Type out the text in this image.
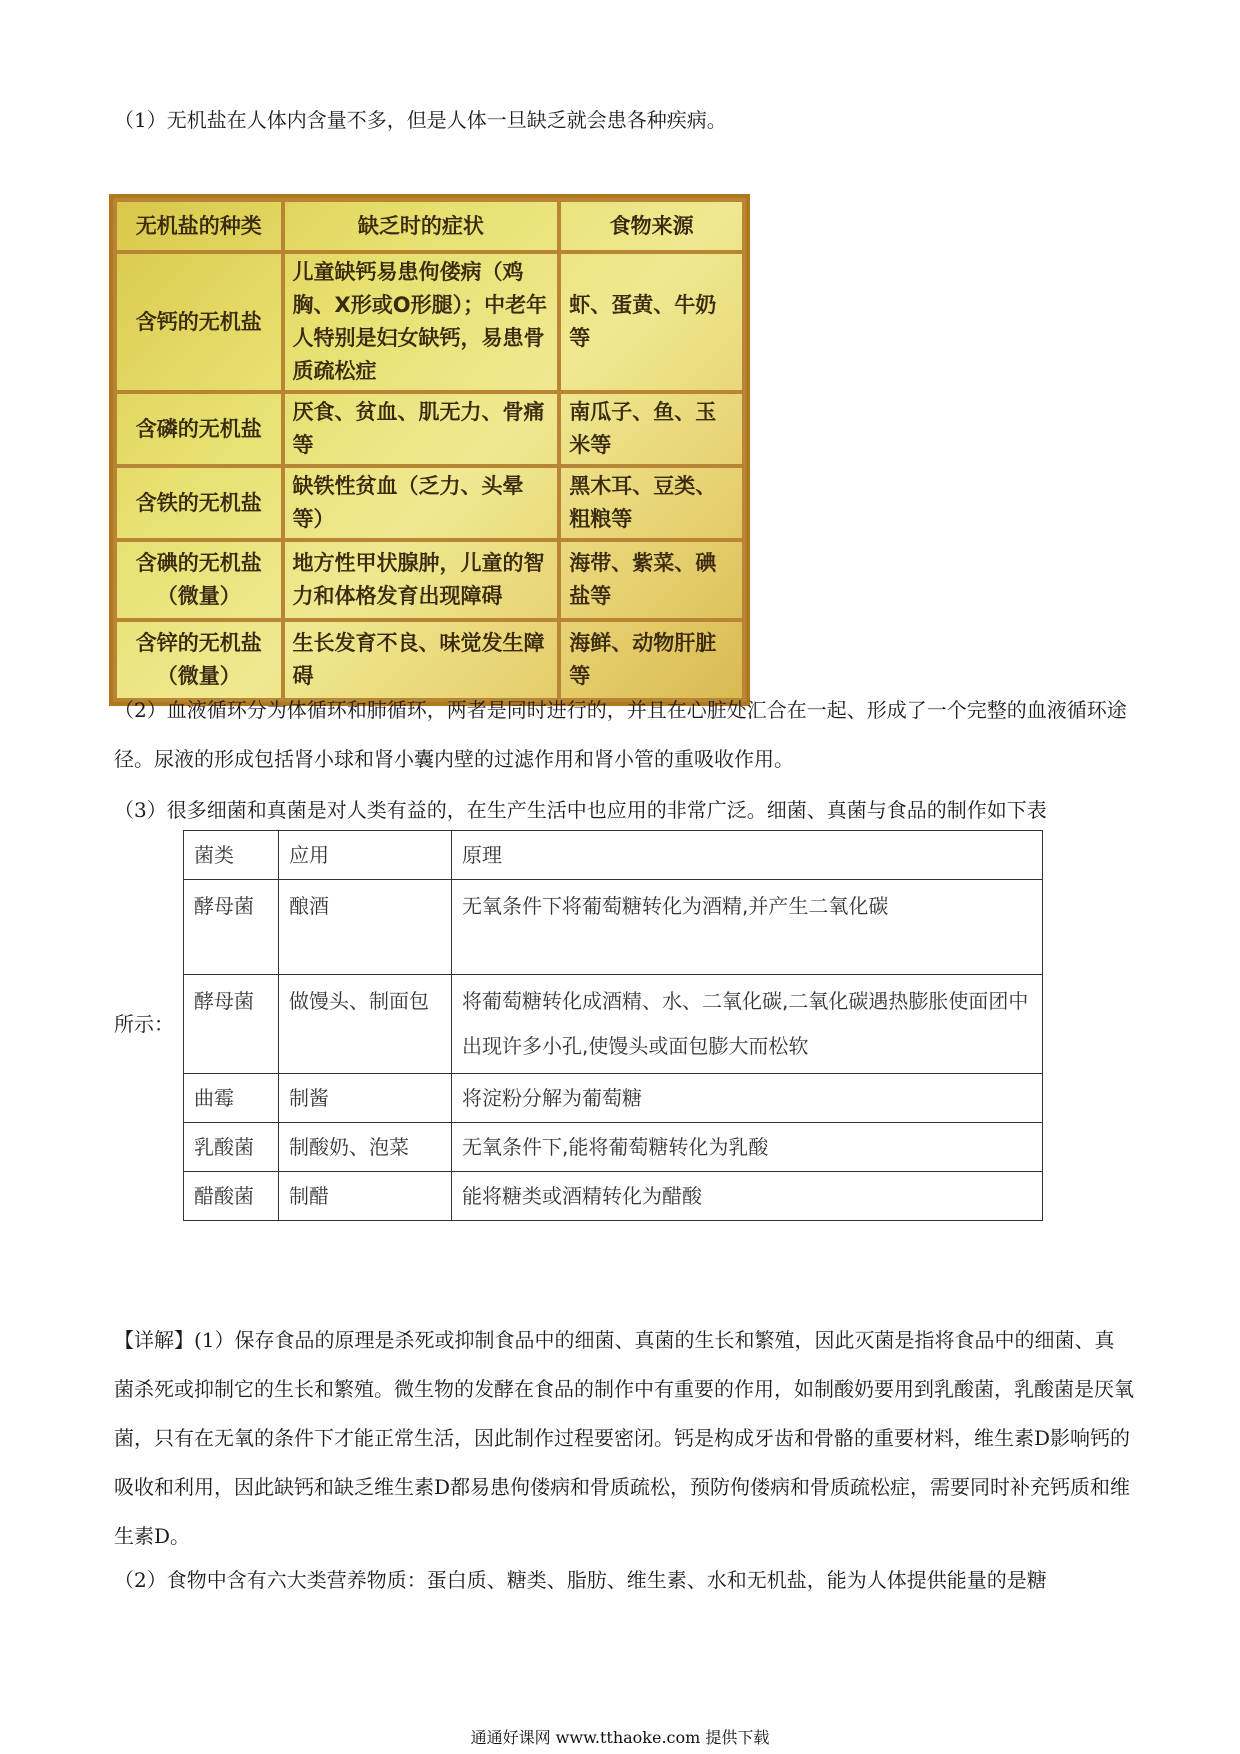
（1）无机盐在人体内含量不多，但是人体一旦缺乏就会患各种疾病。

无机盐的种类	缺乏时的症状	食物来源
含钙的无机盐	儿童缺钙易患佝偻病（鸡胸、X形或O形腿）；中老年人特别是妇女缺钙，易患骨质疏松症	虾、蛋黄、牛奶等
含磷的无机盐	厌食、贫血、肌无力、骨痛等	南瓜子、鱼、玉米等
含铁的无机盐	缺铁性贫血（乏力、头晕等）	黑木耳、豆类、粗粮等
含碘的无机盐（微量）	地方性甲状腺肿，儿童的智力和体格发育出现障碍	海带、紫菜、碘盐等
含锌的无机盐（微量）	生长发育不良、味觉发生障碍	海鲜、动物肝脏等

（2）血液循环分为体循环和肺循环，两者是同时进行的，并且在心脏处汇合在一起、形成了一个完整的血液循环途径。尿液的形成包括肾小球和肾小囊内壁的过滤作用和肾小管的重吸收作用。

（3）很多细菌和真菌是对人类有益的，在生产生活中也应用的非常广泛。细菌、真菌与食品的制作如下表

所示：
菌类	应用	原理
酵母菌	酿酒	无氧条件下将葡萄糖转化为酒精,并产生二氧化碳
酵母菌	做馒头、制面包	将葡萄糖转化成酒精、水、二氧化碳,二氧化碳遇热膨胀使面团中出现许多小孔,使馒头或面包膨大而松软
曲霉	制酱	将淀粉分解为葡萄糖
乳酸菌	制酸奶、泡菜	无氧条件下,能将葡萄糖转化为乳酸
醋酸菌	制醋	能将糖类或酒精转化为醋酸

【详解】(1）保存食品的原理是杀死或抑制食品中的细菌、真菌的生长和繁殖，因此灭菌是指将食品中的细菌、真菌杀死或抑制它的生长和繁殖。微生物的发酵在食品的制作中有重要的作用，如制酸奶要用到乳酸菌，乳酸菌是厌氧菌，只有在无氧的条件下才能正常生活，因此制作过程要密闭。钙是构成牙齿和骨骼的重要材料，维生素D影响钙的吸收和利用，因此缺钙和缺乏维生素D都易患佝偻病和骨质疏松，预防佝偻病和骨质疏松症，需要同时补充钙质和维生素D。

（2）食物中含有六大类营养物质：蛋白质、糖类、脂肪、维生素、水和无机盐，能为人体提供能量的是糖

通通好课网 www.tthaoke.com 提供下载
